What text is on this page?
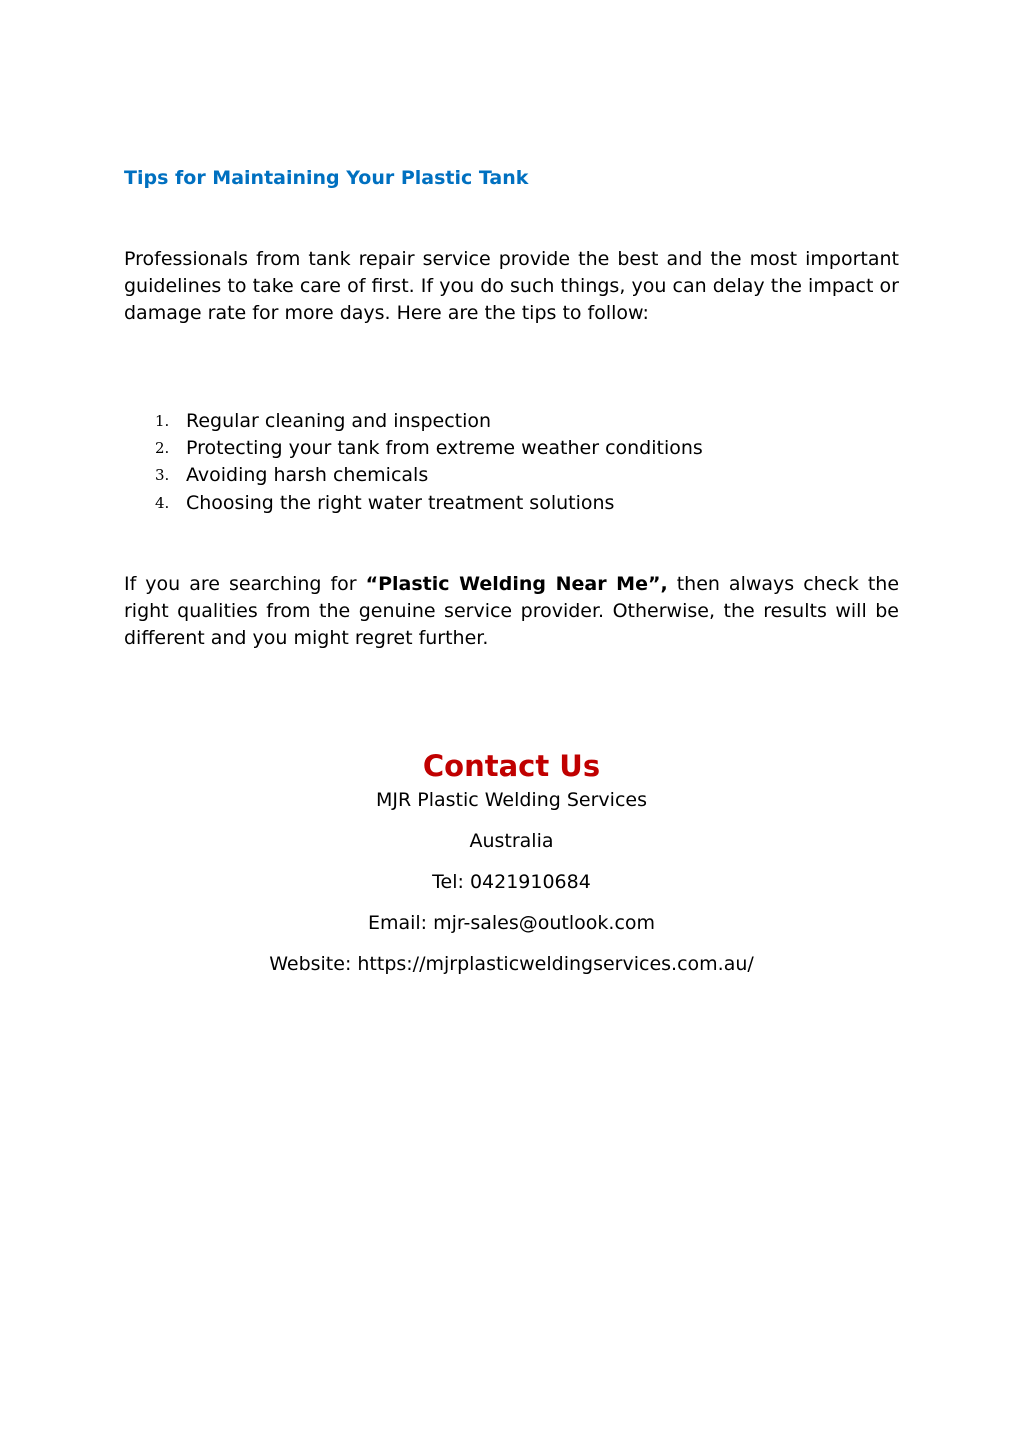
Tips for Maintaining Your Plastic Tank

Professionals from tank repair service provide the best and the most important guidelines to take care of first. If you do such things, you can delay the impact or damage rate for more days. Here are the tips to follow:

1. Regular cleaning and inspection
2. Protecting your tank from extreme weather conditions
3. Avoiding harsh chemicals
4. Choosing the right water treatment solutions

If you are searching for “Plastic Welding Near Me”, then always check the right qualities from the genuine service provider. Otherwise, the results will be different and you might regret further.

Contact Us

MJR Plastic Welding Services

Australia

Tel: 0421910684

Email: mjr-sales@outlook.com

Website: https://mjrplasticweldingservices.com.au/
